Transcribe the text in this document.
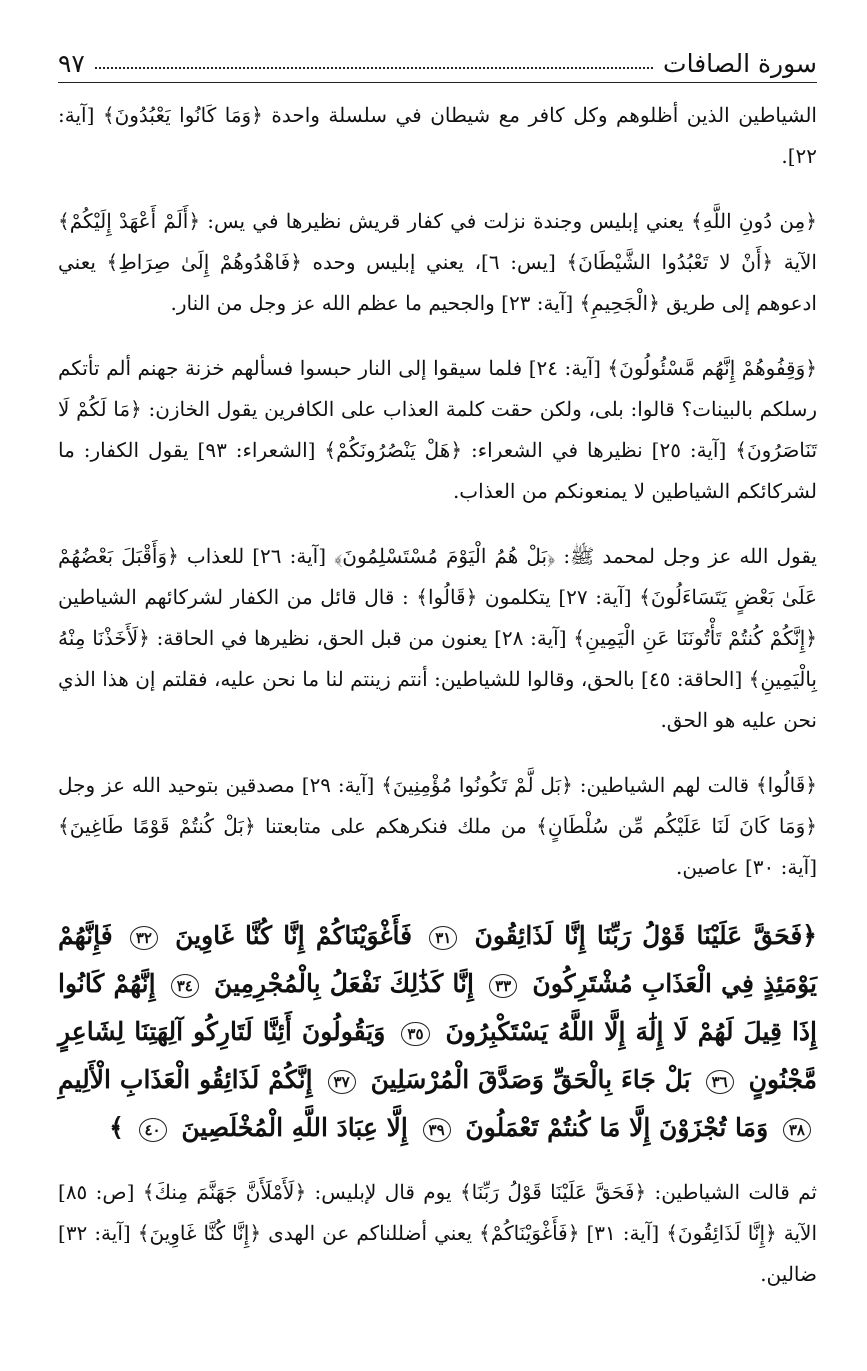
سورة الصافات
٩٧

الشياطين الذين أظلوهم وكل كافر مع شيطان في سلسلة واحدة ﴿وَمَا كَانُوا يَعْبُدُونَ﴾ [آية: ٢٢].

﴿مِن دُونِ اللَّهِ﴾ يعني إبليس وجندة نزلت في كفار قريش نظيرها في يس: ﴿أَلَمْ أَعْهَدْ إِلَيْكُمْ﴾ الآية ﴿أَنْ لا تَعْبُدُوا الشَّيْطَانَ﴾ [يس: ٦]، يعني إبليس وحده ﴿فَاهْدُوهُمْ إِلَىٰ صِرَاطِ﴾ يعني ادعوهم إلى طريق ﴿الْجَحِيمِ﴾ [آية: ٢٣] والجحيم ما عظم الله عز وجل من النار.

﴿وَقِفُوهُمْ إِنَّهُم مَّسْئُولُونَ﴾ [آية: ٢٤] فلما سيقوا إلى النار حبسوا فسألهم خزنة جهنم ألم تأتكم رسلكم بالبينات؟ قالوا: بلى، ولكن حقت كلمة العذاب على الكافرين يقول الخازن: ﴿مَا لَكُمْ لَا تَنَاصَرُونَ﴾ [آية: ٢٥] نظيرها في الشعراء: ﴿هَلْ يَنْصُرُونَكُمْ﴾ [الشعراء: ٩٣] يقول الكفار: ما لشركائكم الشياطين لا يمنعونكم من العذاب.

يقول الله عز وجل لمحمد ﷺ: ﴿بَلْ هُمُ الْيَوْمَ مُسْتَسْلِمُونَ﴾ [آية: ٢٦] للعذاب ﴿وَأَقْبَلَ بَعْضُهُمْ عَلَىٰ بَعْضٍ يَتَسَاءَلُونَ﴾ [آية: ٢٧] يتكلمون ﴿قَالُوا﴾ : قال قائل من الكفار لشركائهم الشياطين ﴿إِنَّكُمْ كُنتُمْ تَأْتُونَنَا عَنِ الْيَمِينِ﴾ [آية: ٢٨] يعنون من قبل الحق، نظيرها في الحاقة: ﴿لَأَخَذْنَا مِنْهُ بِالْيَمِينِ﴾ [الحاقة: ٤٥] بالحق، وقالوا للشياطين: أنتم زينتم لنا ما نحن عليه، فقلتم إن هذا الذي نحن عليه هو الحق.

﴿قَالُوا﴾ قالت لهم الشياطين: ﴿بَل لَّمْ تَكُونُوا مُؤْمِنِينَ﴾ [آية: ٢٩] مصدقين بتوحيد الله عز وجل ﴿وَمَا كَانَ لَنَا عَلَيْكُم مِّن سُلْطَانٍ﴾ من ملك فنكرهكم على متابعتنا ﴿بَلْ كُنتُمْ قَوْمًا طَاغِينَ﴾ [آية: ٣٠] عاصين.

﴿فَحَقَّ عَلَيْنَا قَوْلُ رَبِّنَا إِنَّا لَذَائِقُونَ ٣١ فَأَغْوَيْنَاكُمْ إِنَّا كُنَّا غَاوِينَ ٣٢ فَإِنَّهُمْ يَوْمَئِذٍ فِي الْعَذَابِ مُشْتَرِكُونَ ٣٣ إِنَّا كَذَٰلِكَ نَفْعَلُ بِالْمُجْرِمِينَ ٣٤ إِنَّهُمْ كَانُوا إِذَا قِيلَ لَهُمْ لَا إِلَٰهَ إِلَّا اللَّهُ يَسْتَكْبِرُونَ ٣٥ وَيَقُولُونَ أَئِنَّا لَتَارِكُو آلِهَتِنَا لِشَاعِرٍ مَّجْنُونٍ ٣٦ بَلْ جَاءَ بِالْحَقِّ وَصَدَّقَ الْمُرْسَلِينَ ٣٧ إِنَّكُمْ لَذَائِقُو الْعَذَابِ الْأَلِيمِ ٣٨ وَمَا تُجْزَوْنَ إِلَّا مَا كُنتُمْ تَعْمَلُونَ ٣٩ إِلَّا عِبَادَ اللَّهِ الْمُخْلَصِينَ ٤٠ ﴾

ثم قالت الشياطين: ﴿فَحَقَّ عَلَيْنَا قَوْلُ رَبِّنَا﴾ يوم قال لإبليس: ﴿لَأَمْلَأَنَّ جَهَنَّمَ مِنكَ﴾ [ص: ٨٥] الآية ﴿إِنَّا لَذَائِقُونَ﴾ [آية: ٣١] ﴿فَأَغْوَيْنَاكُمْ﴾ يعني أضللناكم عن الهدى ﴿إِنَّا كُنَّا غَاوِينَ﴾ [آية: ٣٢] ضالين.
